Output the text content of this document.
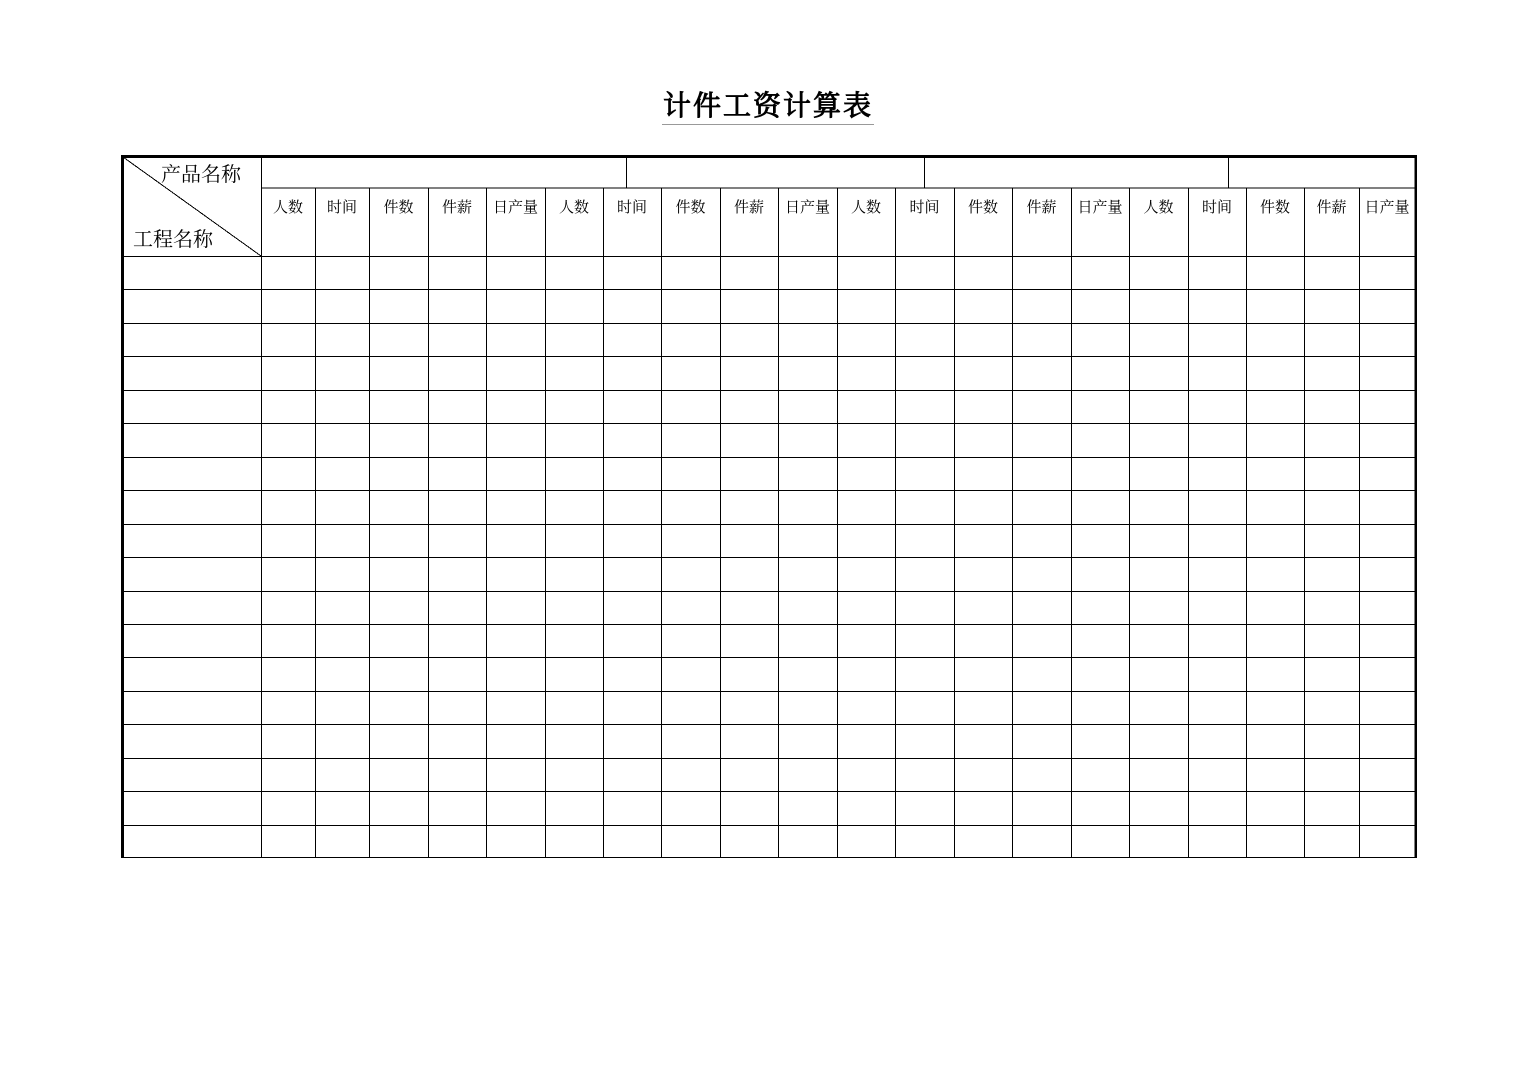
计件工资计算表
产品名称
工程名称
人数	时间	件数	件薪	日产量	人数	时间	件数	件薪	日产量	人数	时间	件数	件薪	日产量	人数	时间	件数	件薪	日产量
